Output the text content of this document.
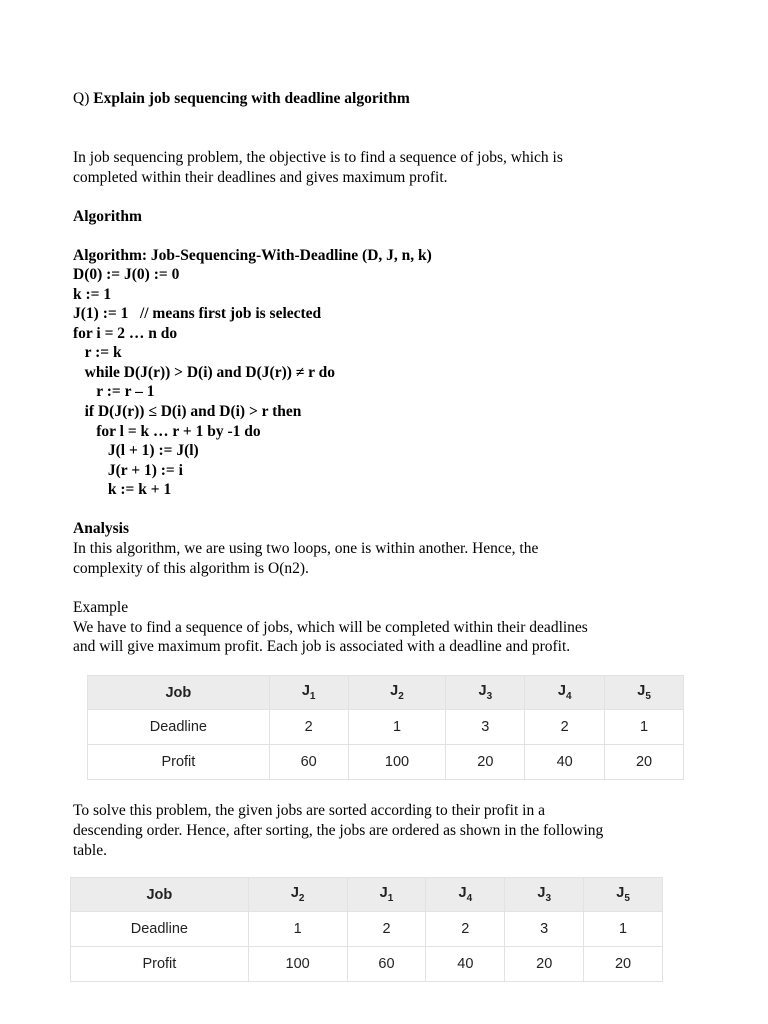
Q) Explain job sequencing with deadline algorithm
In job sequencing problem, the objective is to find a sequence of jobs, which is
completed within their deadlines and gives maximum profit.
Algorithm
Algorithm: Job-Sequencing-With-Deadline (D, J, n, k)
D(0) := J(0) := 0
k := 1
J(1) := 1   // means first job is selected
for i = 2 … n do
r := k
while D(J(r)) > D(i) and D(J(r)) ≠ r do
r := r – 1
if D(J(r)) ≤ D(i) and D(i) > r then
for l = k … r + 1 by -1 do
J(l + 1) := J(l)
J(r + 1) := i
k := k + 1
Analysis
In this algorithm, we are using two loops, one is within another. Hence, the
complexity of this algorithm is O(n2).
Example
We have to find a sequence of jobs, which will be completed within their deadlines
and will give maximum profit. Each job is associated with a deadline and profit.
To solve this problem, the given jobs are sorted according to their profit in a
descending order. Hence, after sorting, the jobs are ordered as shown in the following
table.
Job	$J_1$	$J_2$	$J_3$	$J_4$	$J_5$
Deadline	2	1	3	2	1
Profit	60	100	20	40	20
Job	$J_2$	$J_1$	$J_4$	$J_3$	$J_5$
Deadline	1	2	2	3	1
Profit	100	60	40	20	20
